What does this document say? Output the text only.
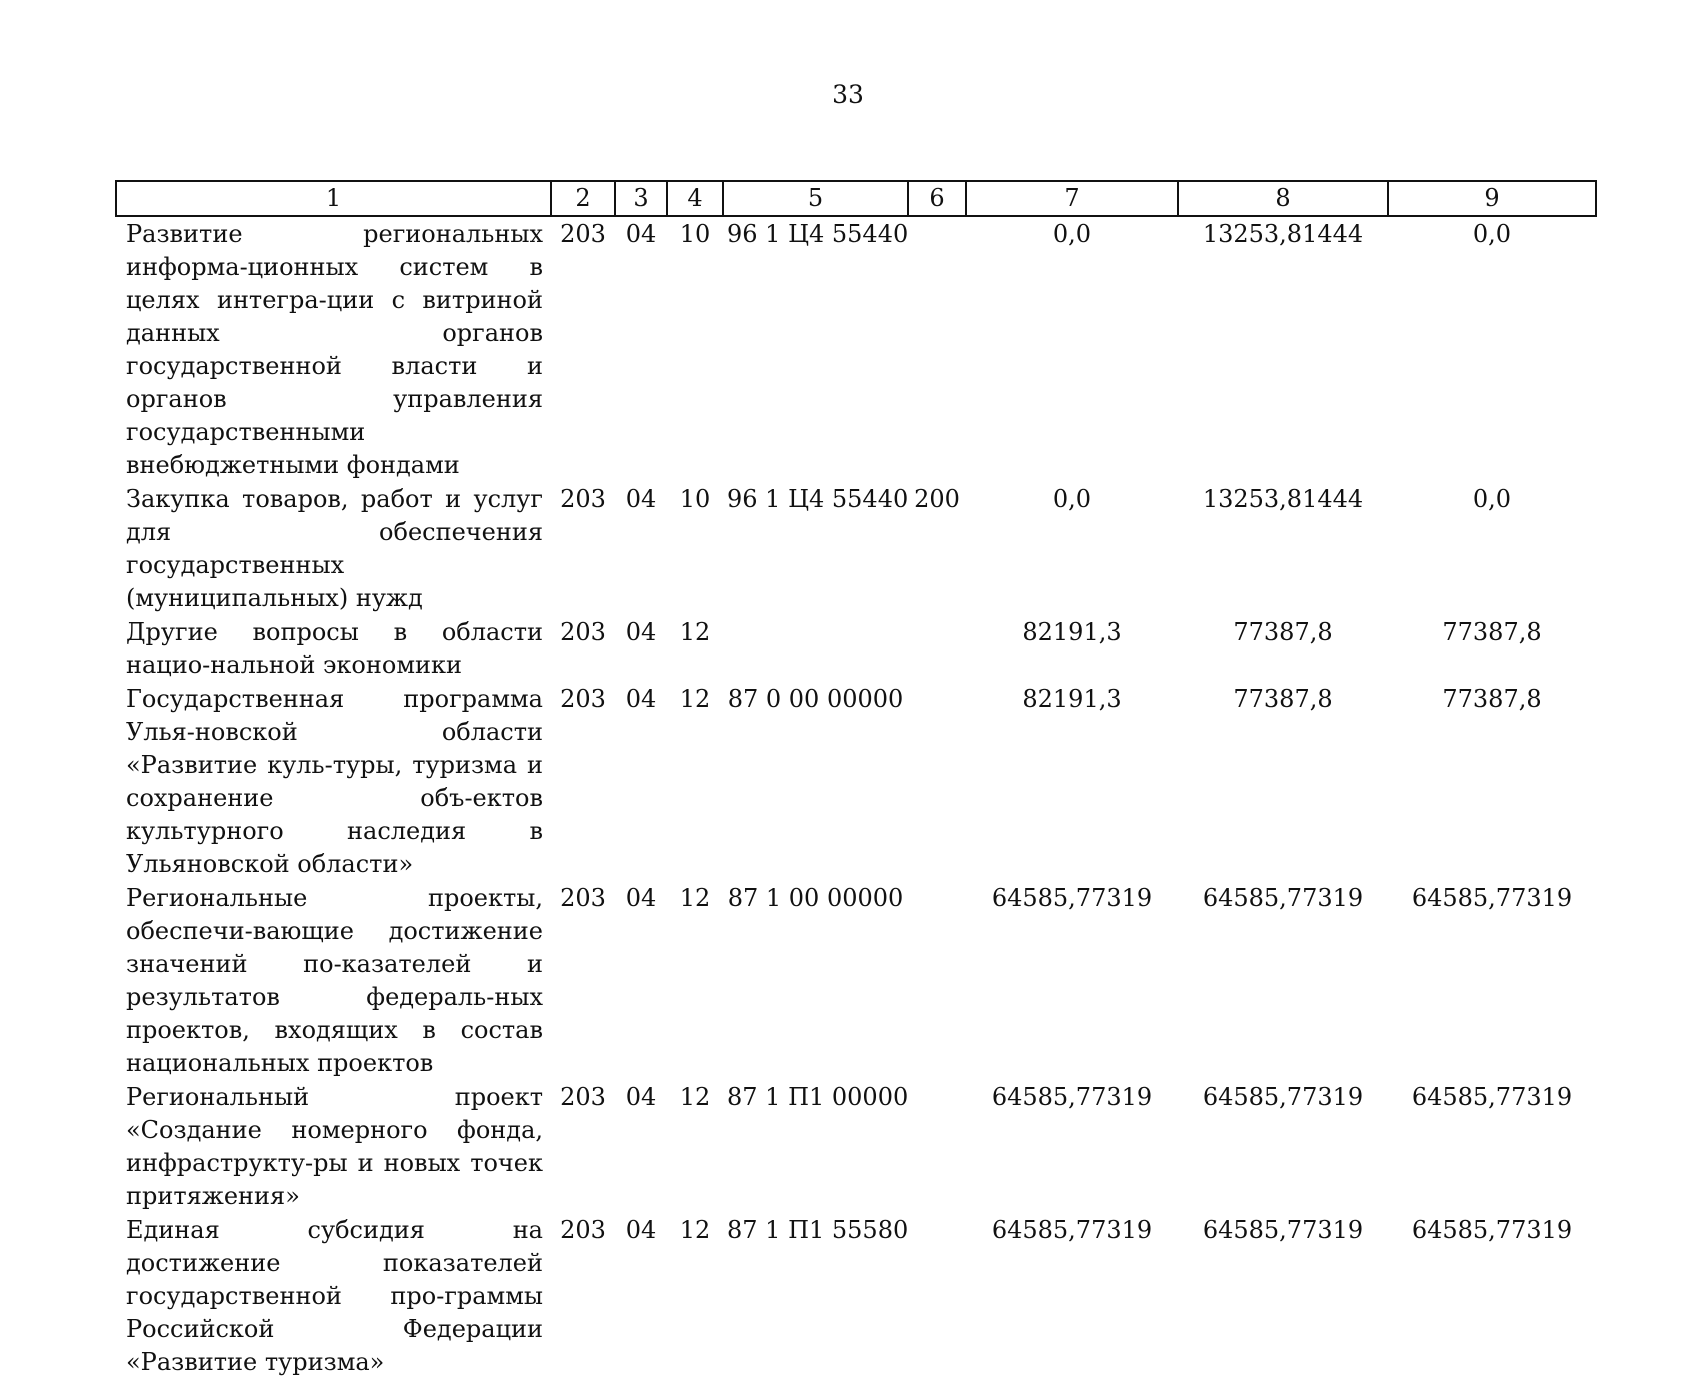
33
1	2	3	4	5	6	7	8	9
Развитие региональных информа-ционных систем в целях интегра-ции с витриной данных органов государственной власти и органов управления государственными внебюджетными фондами	203	04	10	96 1 Ц4 55440		0,0	13253,81444	0,0
Закупка товаров, работ и услуг для обеспечения государственных (муниципальных) нужд	203	04	10	96 1 Ц4 55440	200	0,0	13253,81444	0,0
Другие вопросы в области нацио-нальной экономики	203	04	12			82191,3	77387,8	77387,8
Государственная программа Улья-новской области «Развитие куль-туры, туризма и сохранение объ-ектов культурного наследия в Ульяновской области»	203	04	12	87 0 00 00000		82191,3	77387,8	77387,8
Региональные проекты, обеспечи-вающие достижение значений по-казателей и результатов федераль-ных проектов, входящих в состав национальных проектов	203	04	12	87 1 00 00000		64585,77319	64585,77319	64585,77319
Региональный проект «Создание номерного фонда, инфраструкту-ры и новых точек притяжения»	203	04	12	87 1 П1 00000		64585,77319	64585,77319	64585,77319
Единая субсидия на достижение показателей государственной про-граммы Российской Федерации «Развитие туризма»	203	04	12	87 1 П1 55580		64585,77319	64585,77319	64585,77319
